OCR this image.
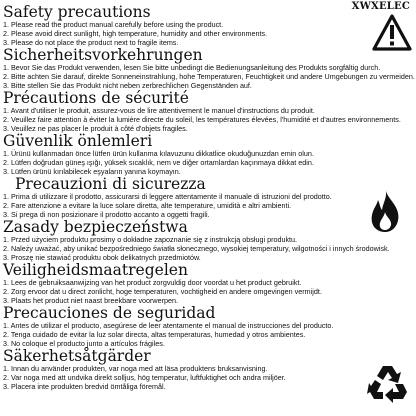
XWXELEC
Safety precautions
1. Please read the product manual carefully before using the product.
2. Please avoid direct sunlight, high temperature, humidity and other environments.
3. Please do not place the product next to fragile items.
Sicherheitsvorkehrungen
1. Bevor Sie das Produkt verwenden, lesen Sie bitte unbedingt die Bedienungsanleitung des Produkts sorgfältig durch.
2. Bitte achten Sie darauf, direkte Sonneneinstrahlung, hohe Temperaturen, Feuchtigkeit und andere Umgebungen zu vermeiden.
3. Bitte stellen Sie das Produkt nicht neben zerbrechlichen Gegenständen auf.
Précautions de sécurité
1. Avant d'utiliser le produit, assurez-vous de lire attentivement le manuel d'instructions du produit.
2. Veuillez faire attention à éviter la lumière directe du soleil, les températures élevées, l'humidité et d'autres environnements.
3. Veuillez ne pas placer le produit à côté d'objets fragiles.
Güvenlik önlemleri
1. Ürünü kullanmadan önce lütfen ürün kullanma kılavuzunu dikkatlice okuduğunuzdan emin olun.
2. Lütfen doğrudan güneş ışığı, yüksek sıcaklık, nem ve diğer ortamlardan kaçınmaya dikkat edin.
3. Lütfen ürünü kırılabilecek eşyaların yanına koymayın.
Precauzioni di sicurezza
1. Prima di utilizzare il prodotto, assicurarsi di leggere attentamente il manuale di istruzioni del prodotto.
2. Fare attenzione a evitare la luce solare diretta, alte temperature, umidità e altri ambienti.
3. Si prega di non posizionare il prodotto accanto a oggetti fragili.
Zasady bezpieczeństwa
1. Przed użyciem produktu prosimy o dokładne zapoznanie się z instrukcją obsługi produktu.
2. Należy uważać, aby unikać bezpośredniego światła słonecznego, wysokiej temperatury, wilgotności i innych środowisk.
3. Proszę nie stawiać produktu obok delikatnych przedmiotów.
Veiligheidsmaatregelen
1. Lees de gebruiksaanwijzing van het product zorgvuldig door voordat u het product gebruikt.
2. Zorg ervoor dat u direct zonlicht, hoge temperaturen, vochtigheid en andere omgevingen vermijdt.
3. Plaats het product niet naast breekbare voorwerpen.
Precauciones de seguridad
1. Antes de utilizar el producto, asegúrese de leer atentamente el manual de instrucciones del producto.
2. Tenga cuidado de evitar la luz solar directa, altas temperaturas, humedad y otros ambientes.
3. No coloque el producto junto a artículos frágiles.
Säkerhetsåtgärder
1. Innan du använder produkten, var noga med att läsa produktens bruksanvisning.
2. Var noga med att undvika direkt solljus, hög temperatur, luftfuktighet och andra miljöer.
3. Placera inte produkten bredvid ömtåliga föremål.
